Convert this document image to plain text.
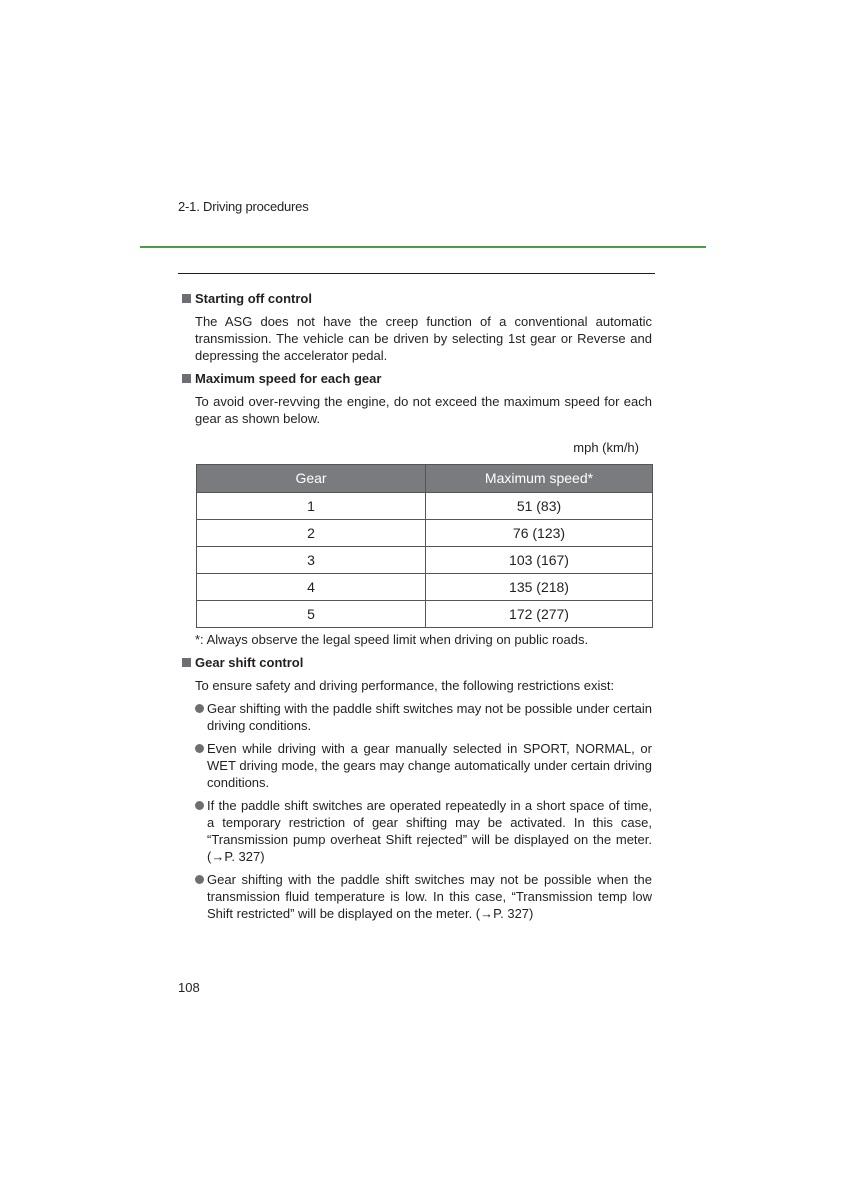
2-1. Driving procedures
Starting off control
The ASG does not have the creep function of a conventional automatic transmission. The vehicle can be driven by selecting 1st gear or Reverse and depressing the accelerator pedal.
Maximum speed for each gear
To avoid over-revving the engine, do not exceed the maximum speed for each gear as shown below.
mph (km/h)
Gear	Maximum speed*
1	51 (83)
2	76 (123)
3	103 (167)
4	135 (218)
5	172 (277)
*: Always observe the legal speed limit when driving on public roads.
Gear shift control
To ensure safety and driving performance, the following restrictions exist:
Gear shifting with the paddle shift switches may not be possible under certain driving conditions.
Even while driving with a gear manually selected in SPORT, NORMAL, or WET driving mode, the gears may change automatically under certain driving conditions.
If the paddle shift switches are operated repeatedly in a short space of time, a temporary restriction of gear shifting may be activated. In this case, “Transmission pump overheat Shift rejected” will be displayed on the meter. (→P. 327)
Gear shifting with the paddle shift switches may not be possible when the transmission fluid temperature is low. In this case, “Transmission temp low Shift restricted” will be displayed on the meter. (→P. 327)
108
